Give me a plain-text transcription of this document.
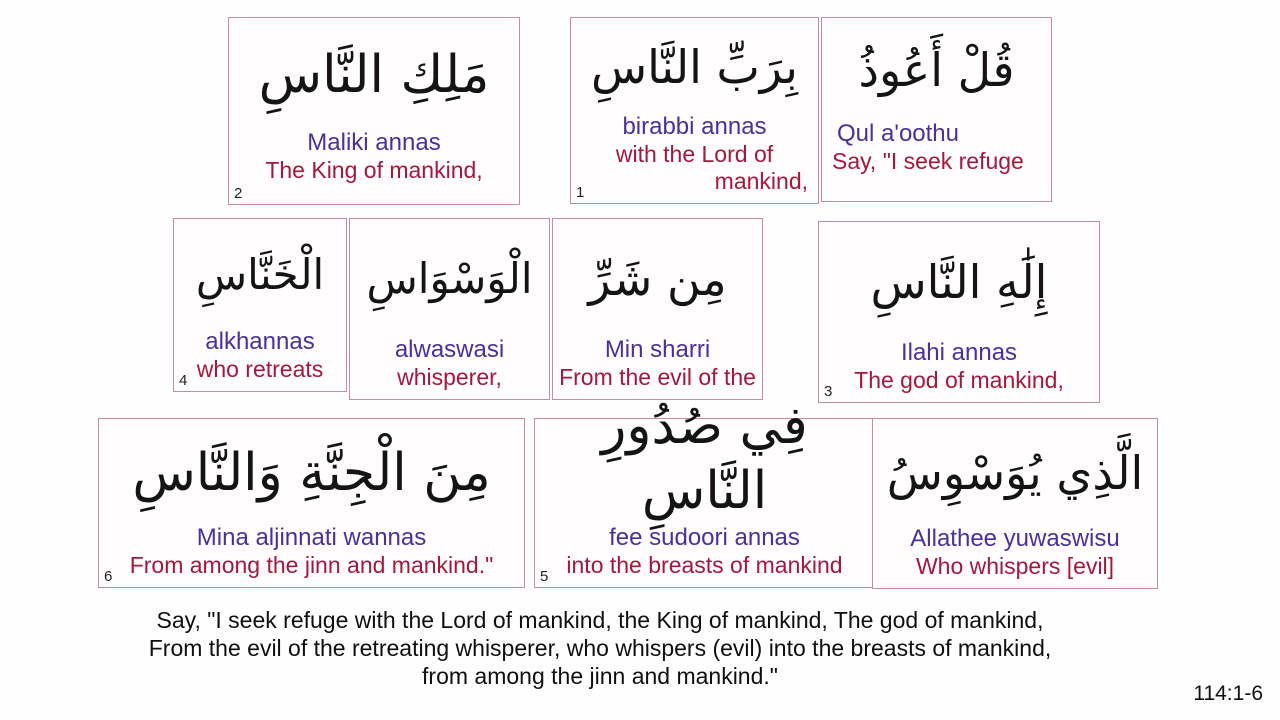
مَلِكِ النَّاسِ
Maliki annas
The King of mankind,
2
بِرَبِّ النَّاسِ
birabbi annas
with the Lord of
mankind,
1
قُلْ أَعُوذُ
Qul a'oothu
Say, "I seek refuge
الْخَنَّاسِ
alkhannas
who retreats
4
الْوَسْوَاسِ
alwaswasi
whisperer,
مِن شَرِّ
Min sharri
From the evil of the
إِلَٰهِ النَّاسِ
Ilahi annas
The god of mankind,
3
مِنَ الْجِنَّةِ وَالنَّاسِ
Mina aljinnati wannas
From among the jinn and mankind."
6
فِي صُدُورِ النَّاسِ
fee sudoori annas
into the breasts of mankind
5
الَّذِي يُوَسْوِسُ
Allathee yuwaswisu
Who whispers [evil]
Say, "I seek refuge with the Lord of mankind, the King of mankind, The god of mankind,
From the evil of the retreating whisperer, who whispers (evil) into the breasts of mankind,
from among the jinn and mankind."
114:1-6
